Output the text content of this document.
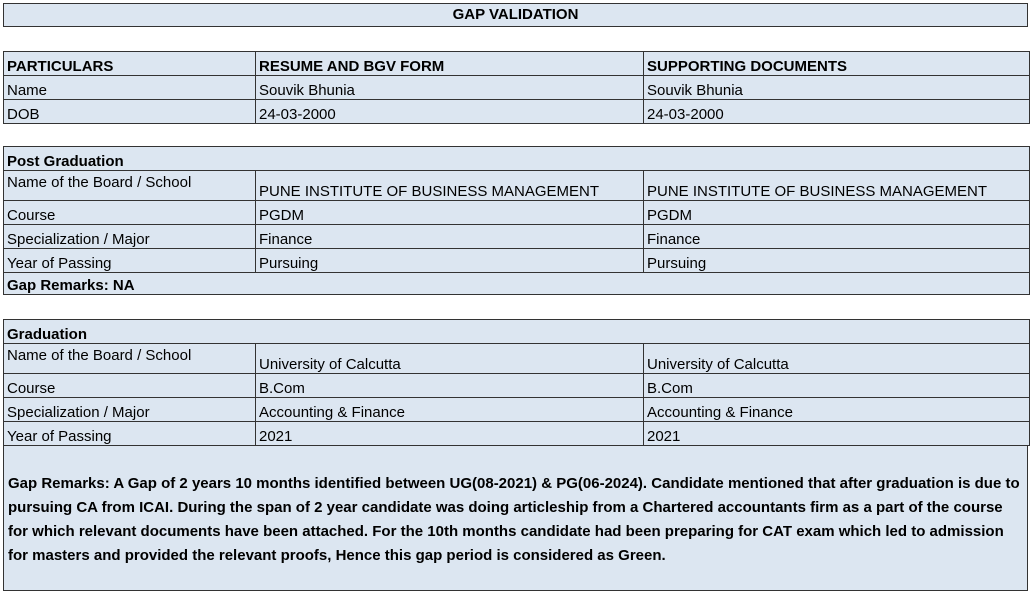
GAP VALIDATION
PARTICULARS	RESUME AND BGV FORM	SUPPORTING DOCUMENTS
Name	Souvik Bhunia	Souvik Bhunia
DOB	24-03-2000	24-03-2000
Post Graduation		
Name of the Board / School	PUNE INSTITUTE OF BUSINESS MANAGEMENT	PUNE INSTITUTE OF BUSINESS MANAGEMENT
Course	PGDM	PGDM
Specialization / Major	Finance	Finance
Year of Passing	Pursuing	Pursuing
Gap Remarks: NA		
Graduation		
Name of the Board / School	University of Calcutta	University of Calcutta
Course	B.Com	B.Com
Specialization / Major	Accounting & Finance	Accounting & Finance
Year of Passing	2021	2021
Gap Remarks: A Gap of 2 years 10 months identified between UG(08-2021) & PG(06-2024). Candidate mentioned that after graduation is due to pursuing CA from ICAI. During the span of 2 year candidate was doing articleship from a Chartered accountants firm as a part of the course for which relevant documents have been attached. For the 10th months candidate had been preparing for CAT exam which led to admission for masters and provided the relevant proofs, Hence this gap period is considered as Green.
